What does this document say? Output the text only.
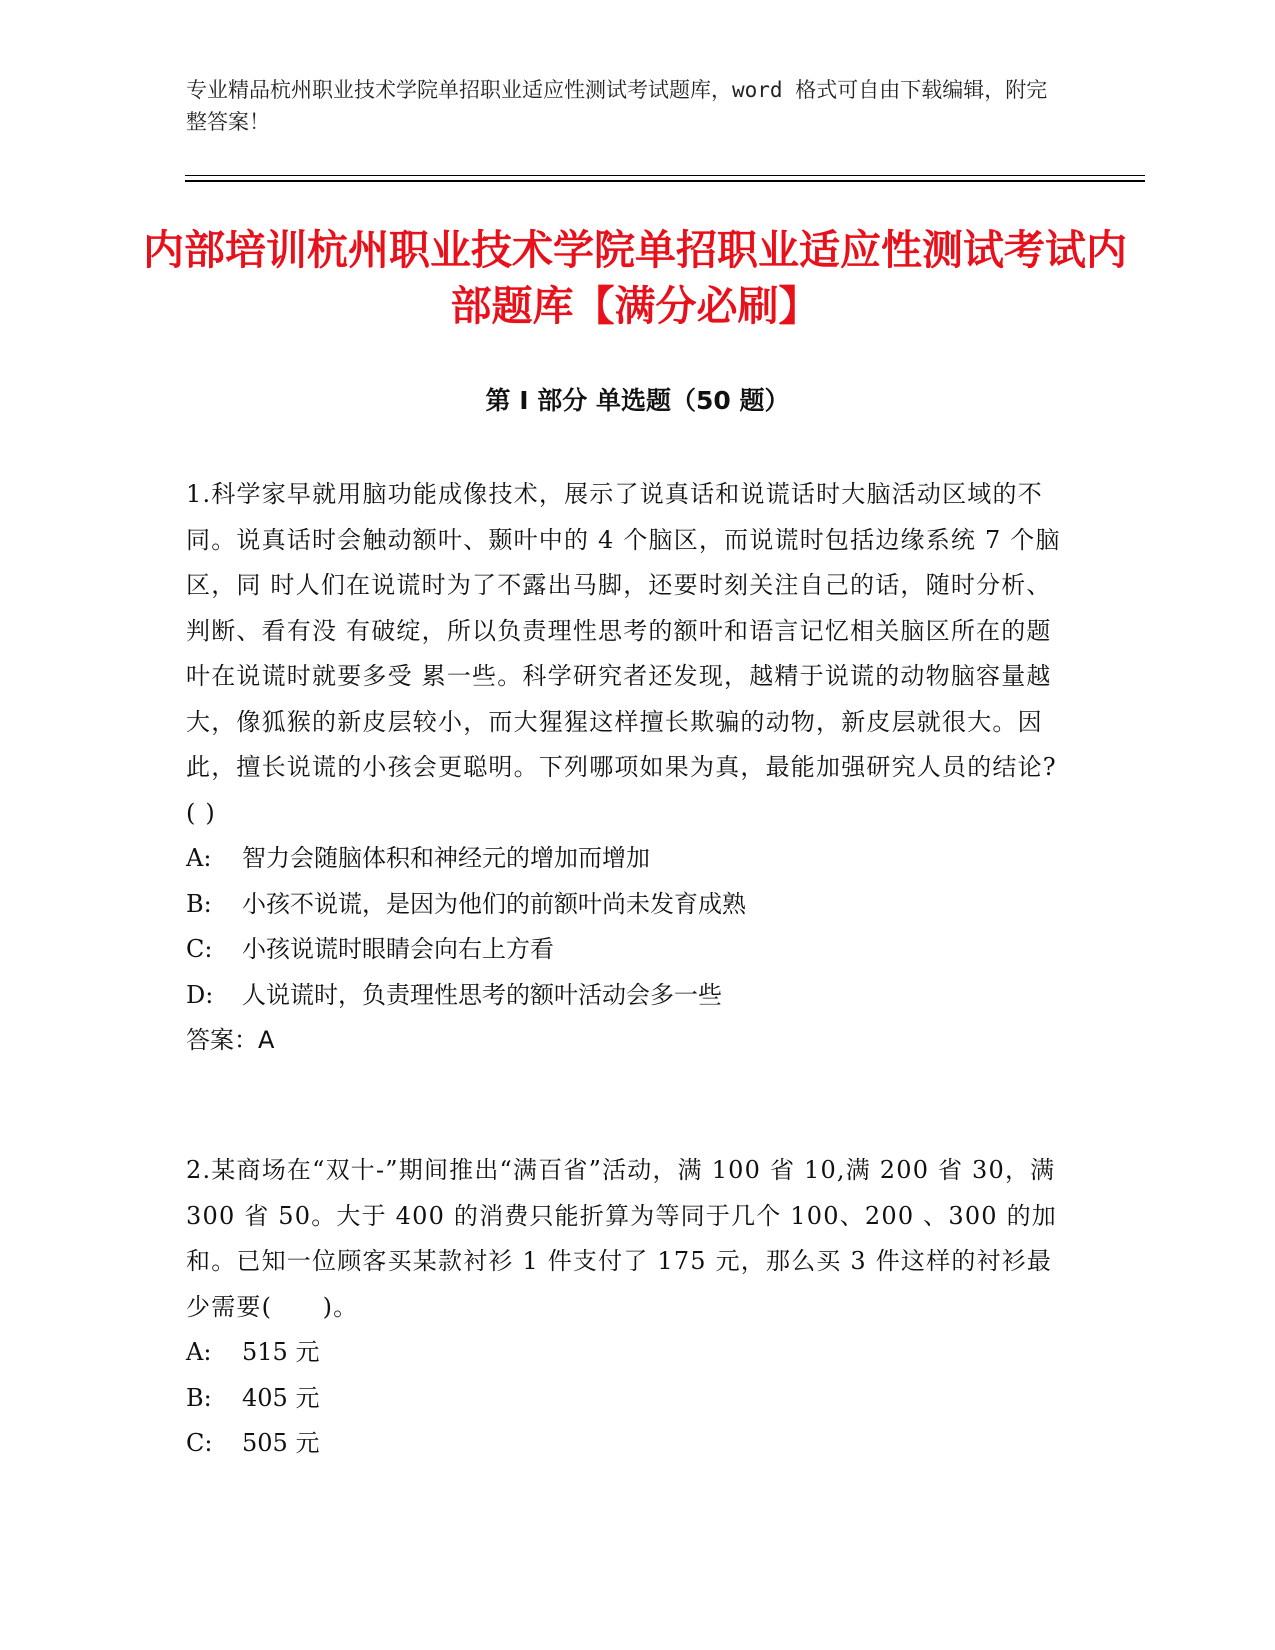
专业精品杭州职业技术学院单招职业适应性测试考试题库，word 格式可自由下载编辑，附完整答案！

内部培训杭州职业技术学院单招职业适应性测试考试内部题库【满分必刷】
第 I 部分 单选题（50 题）

1.科学家早就用脑功能成像技术，展示了说真话和说谎话时大脑活动区域的不 同。说真话时会触动额叶、颞叶中的 4 个脑区，而说谎时包括边缘系统 7 个脑区，同 时人们在说谎时为了不露出马脚，还要时刻关注自己的话，随时分析、判断、看有没 有破绽，所以负责理性思考的额叶和语言记忆相关脑区所在的题叶在说谎时就要多受 累一些。科学研究者还发现，越精于说谎的动物脑容量越大，像狐猴的新皮层较小，而大猩猩这样擅长欺骗的动物，新皮层就很大。因此，擅长说谎的小孩会更聪明。下列哪项如果为真，最能加强研究人员的结论?( )

A:	智力会随脑体积和神经元的增加而增加
B:	小孩不说谎，是因为他们的前额叶尚未发育成熟
C:	小孩说谎时眼睛会向右上方看
D:	人说谎时，负责理性思考的额叶活动会多一些

答案：A

2.某商场在“双十-”期间推出“满百省”活动，满 100 省 10,满 200 省 30，满 300 省 50。大于 400 的消费只能折算为等同于几个 100、200 、300 的加和。已知一位顾客买某款衬衫 1 件支付了 175 元，那么买 3 件这样的衬衫最少需要(　　)。

A:	515 元
B:	405 元
C:	505 元
